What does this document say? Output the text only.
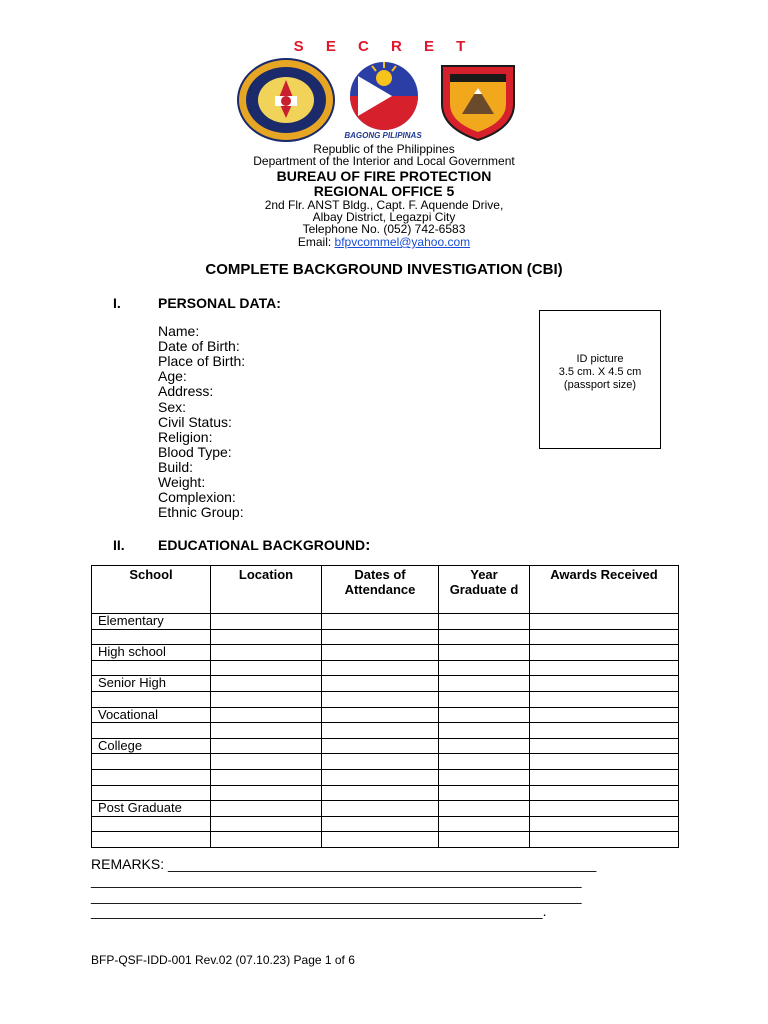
S E C R E T
BAGONG PILIPINAS
Republic of the Philippines
Department of the Interior and Local Government
BUREAU OF FIRE PROTECTION
REGIONAL OFFICE 5
2nd Flr. ANST Bldg., Capt. F. Aquende Drive,
Albay District, Legazpi City
Telephone No. (052) 742-6583
Email: bfpvcommel@yahoo.com
COMPLETE BACKGROUND INVESTIGATION (CBI)
I.	PERSONAL DATA:
Name:
Date of Birth:
Place of Birth:
Age:
Address:
Sex:
Civil Status:
Religion:
Blood Type:
Build:
Weight:
Complexion:
Ethnic Group:
ID picture
3.5 cm. X 4.5 cm
(passport size)
II. EDUCATIONAL BACKGROUND:
School	Location	Dates of Attendance	Year Graduate d	Awards Received
Elementary				

High school				

Senior High				

Vocational				

College				

Post Graduate				

REMARKS: _______________________________________________________
_______________________________________________________________
_______________________________________________________________
__________________________________________________________.
BFP-QSF-IDD-001 Rev.02 (07.10.23) Page 1 of 6
